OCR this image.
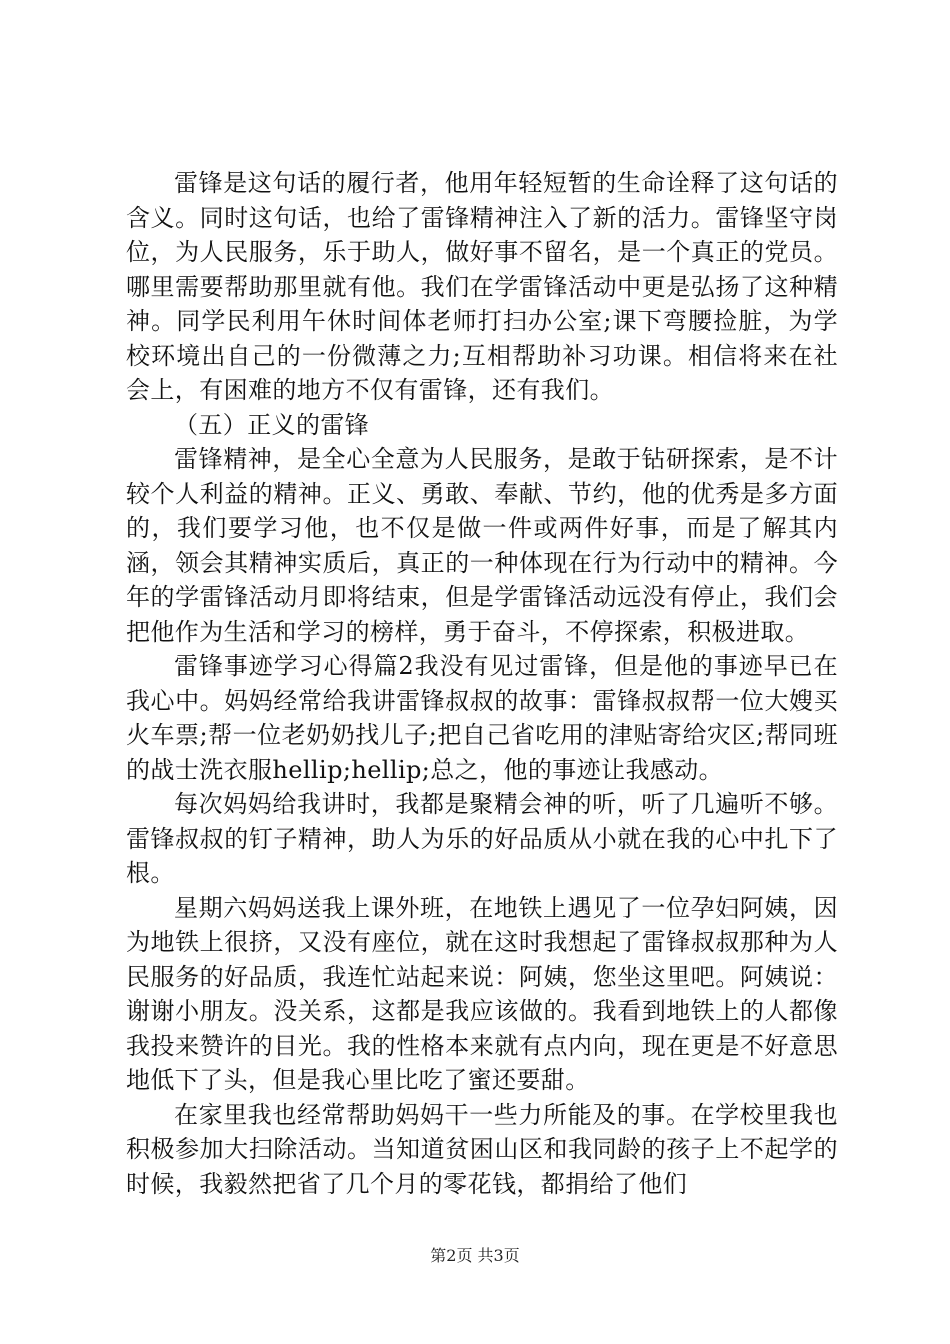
雷锋是这句话的履行者，他用年轻短暂的生命诠释了这句话的含义。同时这句话，也给了雷锋精神注入了新的活力。雷锋坚守岗位，为人民服务，乐于助人，做好事不留名，是一个真正的党员。哪里需要帮助那里就有他。我们在学雷锋活动中更是弘扬了这种精神。同学民利用午休时间体老师打扫办公室;课下弯腰捡脏，为学校环境出自己的一份微薄之力;互相帮助补习功课。相信将来在社会上，有困难的地方不仅有雷锋，还有我们。

（五）正义的雷锋

雷锋精神，是全心全意为人民服务，是敢于钻研探索，是不计较个人利益的精神。正义、勇敢、奉献、节约，他的优秀是多方面的，我们要学习他，也不仅是做一件或两件好事，而是了解其内涵，领会其精神实质后，真正的一种体现在行为行动中的精神。今年的学雷锋活动月即将结束，但是学雷锋活动远没有停止，我们会把他作为生活和学习的榜样，勇于奋斗，不停探索，积极进取。

雷锋事迹学习心得篇2我没有见过雷锋，但是他的事迹早已在我心中。妈妈经常给我讲雷锋叔叔的故事：雷锋叔叔帮一位大嫂买火车票;帮一位老奶奶找儿子;把自己省吃用的津贴寄给灾区;帮同班的战士洗衣服hellip;hellip;总之，他的事迹让我感动。

每次妈妈给我讲时，我都是聚精会神的听，听了几遍听不够。雷锋叔叔的钉子精神，助人为乐的好品质从小就在我的心中扎下了根。

星期六妈妈送我上课外班，在地铁上遇见了一位孕妇阿姨，因为地铁上很挤，又没有座位，就在这时我想起了雷锋叔叔那种为人民服务的好品质，我连忙站起来说：阿姨，您坐这里吧。阿姨说：谢谢小朋友。没关系，这都是我应该做的。我看到地铁上的人都像我投来赞许的目光。我的性格本来就有点内向，现在更是不好意思地低下了头，但是我心里比吃了蜜还要甜。

在家里我也经常帮助妈妈干一些力所能及的事。在学校里我也积极参加大扫除活动。当知道贫困山区和我同龄的孩子上不起学的时候，我毅然把省了几个月的零花钱，都捐给了他们

第2页 共3页
